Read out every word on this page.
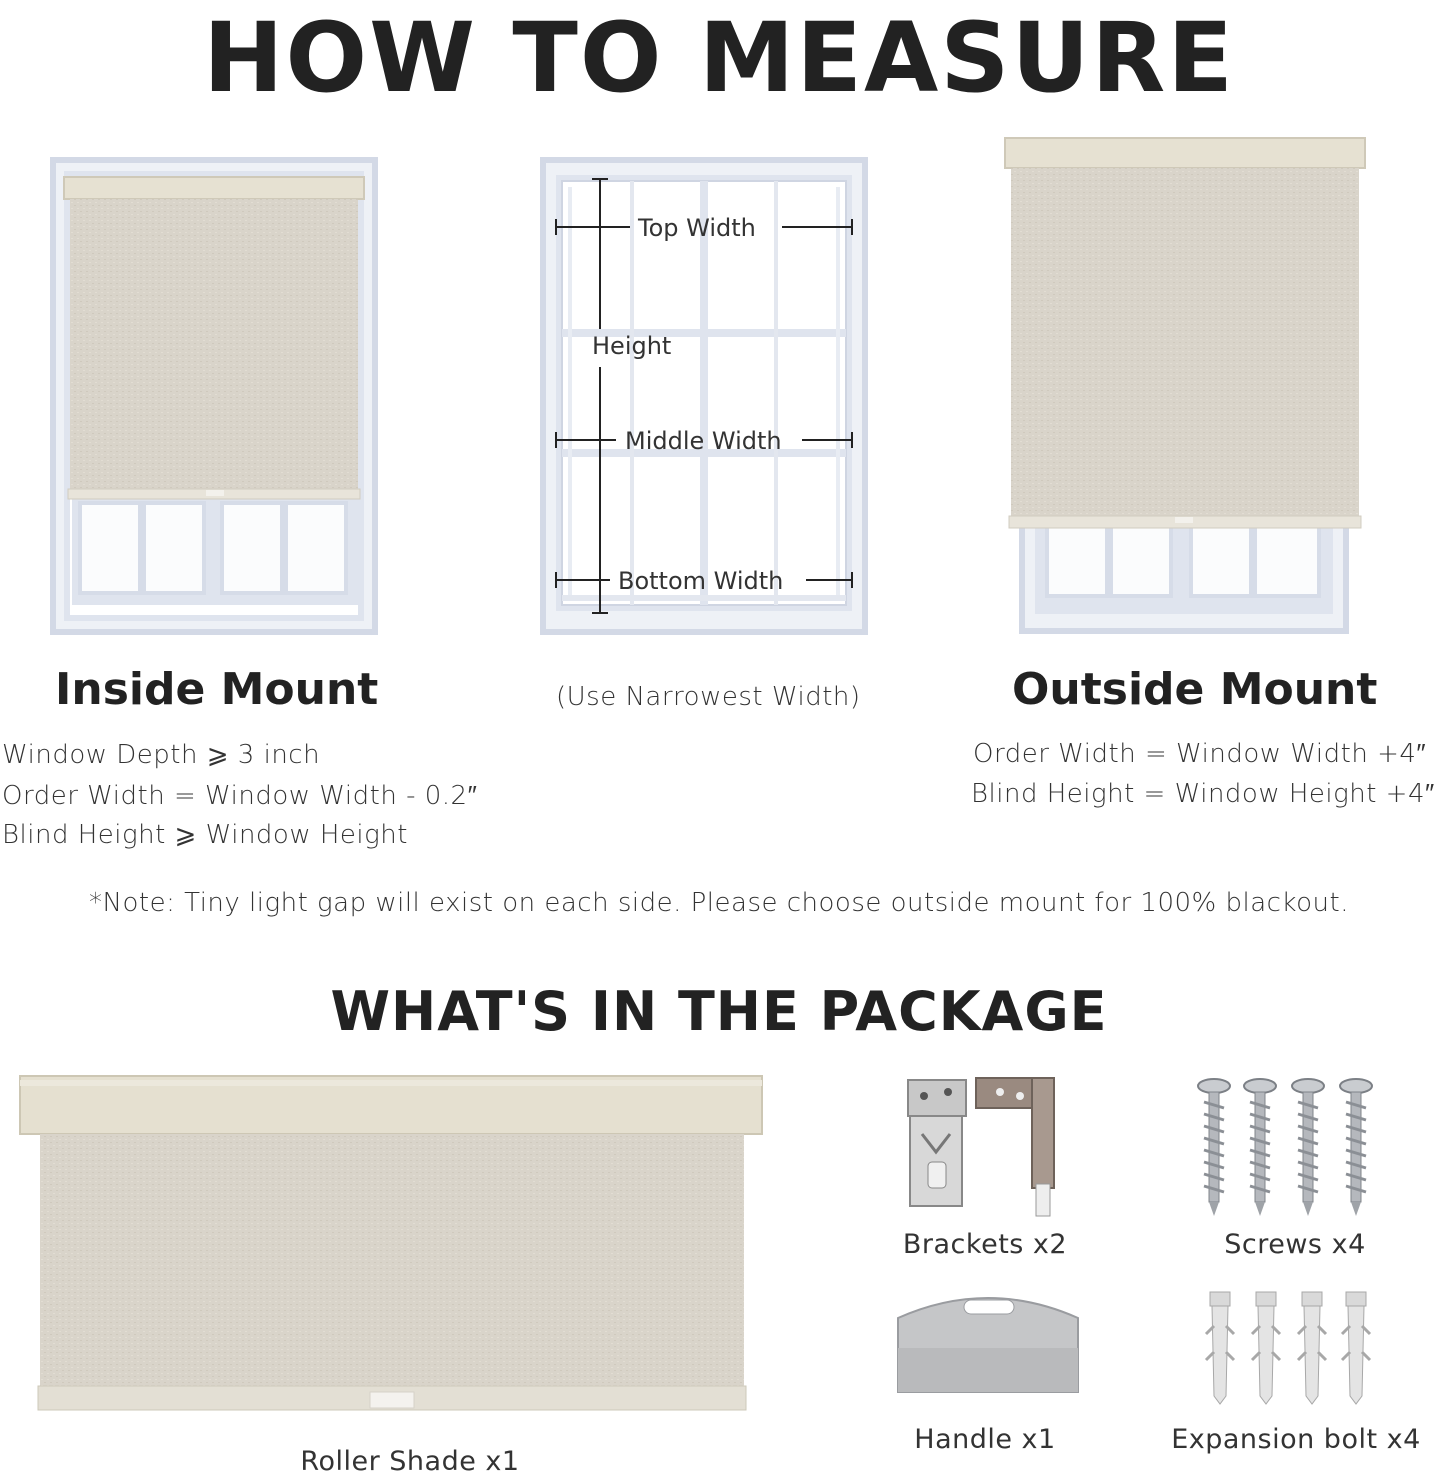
HOW TO MEASURE
Top Width
Height
Middle Width
Bottom Width
Inside Mount	(Use Narrowest Width)	Outside Mount
Window Depth ⩾ 3 inch
Order Width = Window Width - 0.2″
Blind Height ⩾ Window Height
Order Width = Window Width +4″
Blind Height = Window Height +4″
*Note: Tiny light gap will exist on each side. Please choose outside mount for 100% blackout.
WHAT'S IN THE PACKAGE
Roller Shade x1
Brackets x2	Screws x4
Handle x1	Expansion bolt x4
